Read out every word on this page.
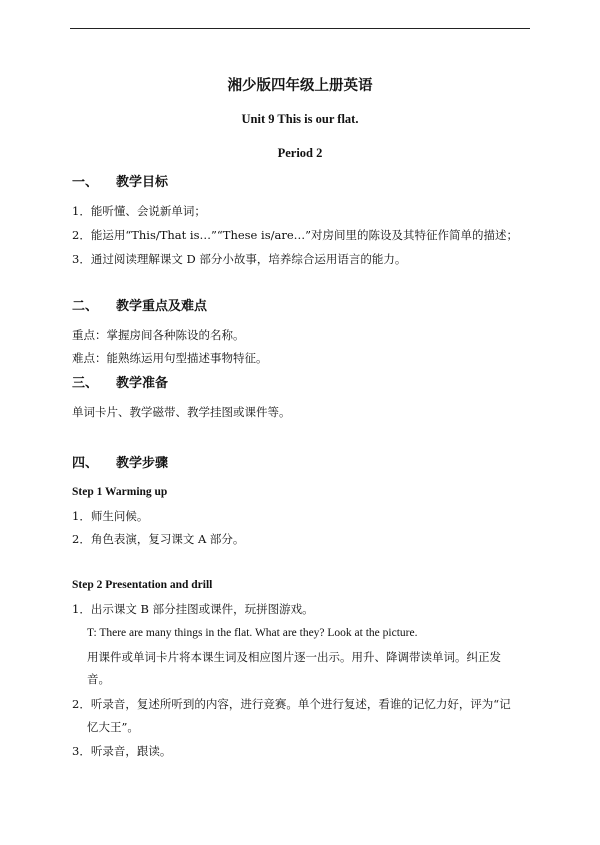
湘少版四年级上册英语
Unit 9 This is our flat.
Period 2
一、 教学目标
1．能听懂、会说新单词；
2．能运用“This/That is…”“These is/are…”对房间里的陈设及其特征作简单的描述；
3．通过阅读理解课文 D 部分小故事，培养综合运用语言的能力。
二、 教学重点及难点
重点：掌握房间各种陈设的名称。
难点：能熟练运用句型描述事物特征。
三、 教学准备
单词卡片、教学磁带、教学挂图或课件等。
四、 教学步骤
Step 1 Warming up
1．师生问候。
2．角色表演，复习课文 A 部分。
Step 2 Presentation and drill
1．出示课文 B 部分挂图或课件，玩拼图游戏。
T: There are many things in the flat. What are they? Look at the picture.
用课件或单词卡片将本课生词及相应图片逐一出示。用升、降调带读单词。纠正发
音。
2．听录音，复述所听到的内容，进行竞赛。单个进行复述，看谁的记忆力好，评为“记
忆大王”。
3．听录音，跟读。
